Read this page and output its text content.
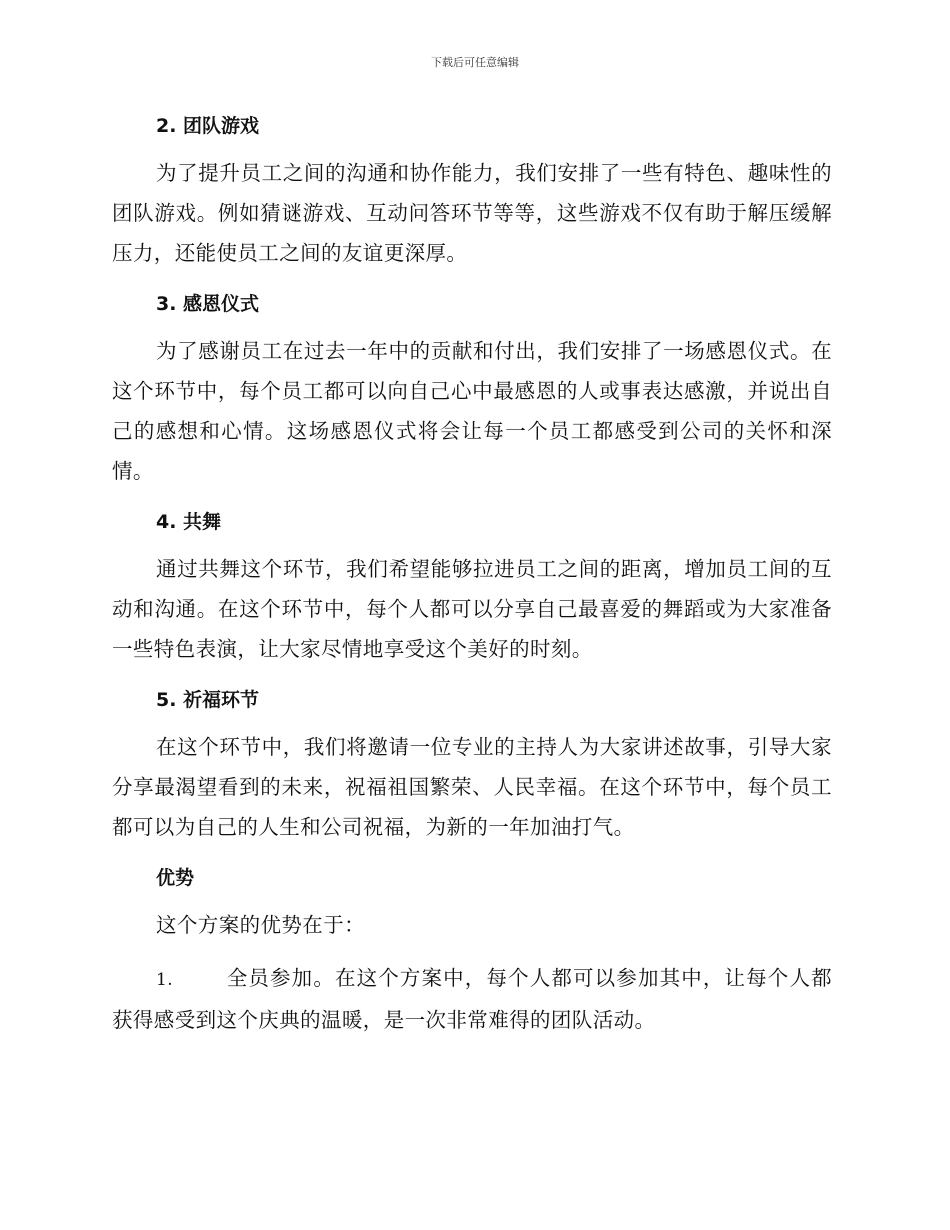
下载后可任意编辑
2. 团队游戏

为了提升员工之间的沟通和协作能力，我们安排了一些有特色、趣味性的团队游戏。例如猜谜游戏、互动问答环节等等，这些游戏不仅有助于解压缓解压力，还能使员工之间的友谊更深厚。

3. 感恩仪式

为了感谢员工在过去一年中的贡献和付出，我们安排了一场感恩仪式。在这个环节中，每个员工都可以向自己心中最感恩的人或事表达感激，并说出自己的感想和心情。这场感恩仪式将会让每一个员工都感受到公司的关怀和深情。

4. 共舞

通过共舞这个环节，我们希望能够拉进员工之间的距离，增加员工间的互动和沟通。在这个环节中，每个人都可以分享自己最喜爱的舞蹈或为大家准备一些特色表演，让大家尽情地享受这个美好的时刻。

5. 祈福环节

在这个环节中，我们将邀请一位专业的主持人为大家讲述故事，引导大家分享最渴望看到的未来，祝福祖国繁荣、人民幸福。在这个环节中，每个员工都可以为自己的人生和公司祝福，为新的一年加油打气。

优势

这个方案的优势在于：

1.	全员参加。在这个方案中，每个人都可以参加其中，让每个人都获得感受到这个庆典的温暖，是一次非常难得的团队活动。
